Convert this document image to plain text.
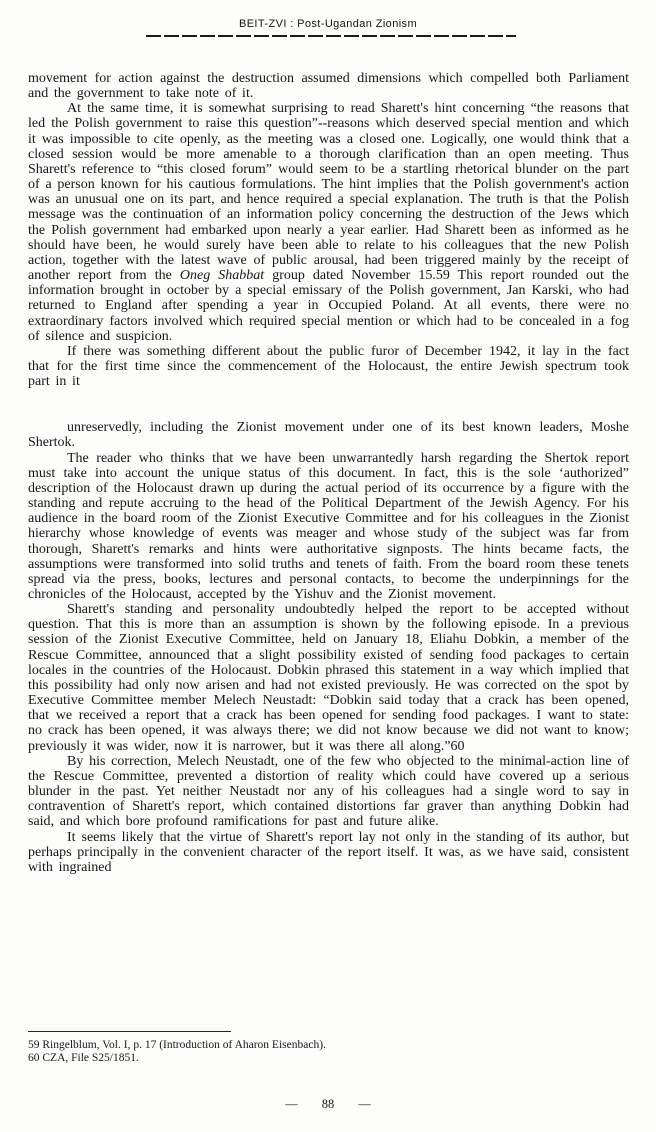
BEIT-ZVI : Post-Ugandan Zionism

movement for action against the destruction assumed dimensions which compelled both Parliament and the government to take note of it.

At the same time, it is somewhat surprising to read Sharett's hint concerning “the reasons that led the Polish government to raise this question”--reasons which deserved special mention and which it was impossible to cite openly, as the meeting was a closed one. Logically, one would think that a closed session would be more amenable to a thorough clarification than an open meeting. Thus Sharett's reference to “this closed forum” would seem to be a startling rhetorical blunder on the part of a person known for his cautious formulations. The hint implies that the Polish government's action was an unusual one on its part, and hence required a special explanation. The truth is that the Polish message was the continuation of an information policy concerning the destruction of the Jews which the Polish government had embarked upon nearly a year earlier. Had Sharett been as informed as he should have been, he would surely have been able to relate to his colleagues that the new Polish action, together with the latest wave of public arousal, had been triggered mainly by the receipt of another report from the Oneg Shabbat group dated November 15.59 This report rounded out the information brought in october by a special emissary of the Polish government, Jan Karski, who had returned to England after spending a year in Occupied Poland. At all events, there were no extraordinary factors involved which required special mention or which had to be concealed in a fog of silence and suspicion.

If there was something different about the public furor of December 1942, it lay in the fact that for the first time since the commencement of the Holocaust, the entire Jewish spectrum took part in it

unreservedly, including the Zionist movement under one of its best known leaders, Moshe Shertok.

The reader who thinks that we have been unwarrantedly harsh regarding the Shertok report must take into account the unique status of this document. In fact, this is the sole ‘authorized” description of the Holocaust drawn up during the actual period of its occurrence by a figure with the standing and repute accruing to the head of the Political Department of the Jewish Agency. For his audience in the board room of the Zionist Executive Committee and for his colleagues in the Zionist hierarchy whose knowledge of events was meager and whose study of the subject was far from thorough, Sharett's remarks and hints were authoritative signposts. The hints became facts, the assumptions were transformed into solid truths and tenets of faith. From the board room these tenets spread via the press, books, lectures and personal contacts, to become the underpinnings for the chronicles of the Holocaust, accepted by the Yishuv and the Zionist movement.

Sharett's standing and personality undoubtedly helped the report to be accepted without question. That this is more than an assumption is shown by the following episode. In a previous session of the Zionist Executive Committee, held on January 18, Eliahu Dobkin, a member of the Rescue Committee, announced that a slight possibility existed of sending food packages to certain locales in the countries of the Holocaust. Dobkin phrased this statement in a way which implied that this possibility had only now arisen and had not existed previously. He was corrected on the spot by Executive Committee member Melech Neustadt: “Dobkin said today that a crack has been opened, that we received a report that a crack has been opened for sending food packages. I want to state: no crack has been opened, it was always there; we did not know because we did not want to know; previously it was wider, now it is narrower, but it was there all along.”60

By his correction, Melech Neustadt, one of the few who objected to the minimal-action line of the Rescue Committee, prevented a distortion of reality which could have covered up a serious blunder in the past. Yet neither Neustadt nor any of his colleagues had a single word to say in contravention of Sharett's report, which contained distortions far graver than anything Dobkin had said, and which bore profound ramifications for past and future alike.

It seems likely that the virtue of Sharett's report lay not only in the standing of its author, but perhaps principally in the convenient character of the report itself. It was, as we have said, consistent with ingrained

59 Ringelblum, Vol. I, p. 17 (Introduction of Aharon Eisenbach).
60 CZA, File S25/1851.
— 88 —
